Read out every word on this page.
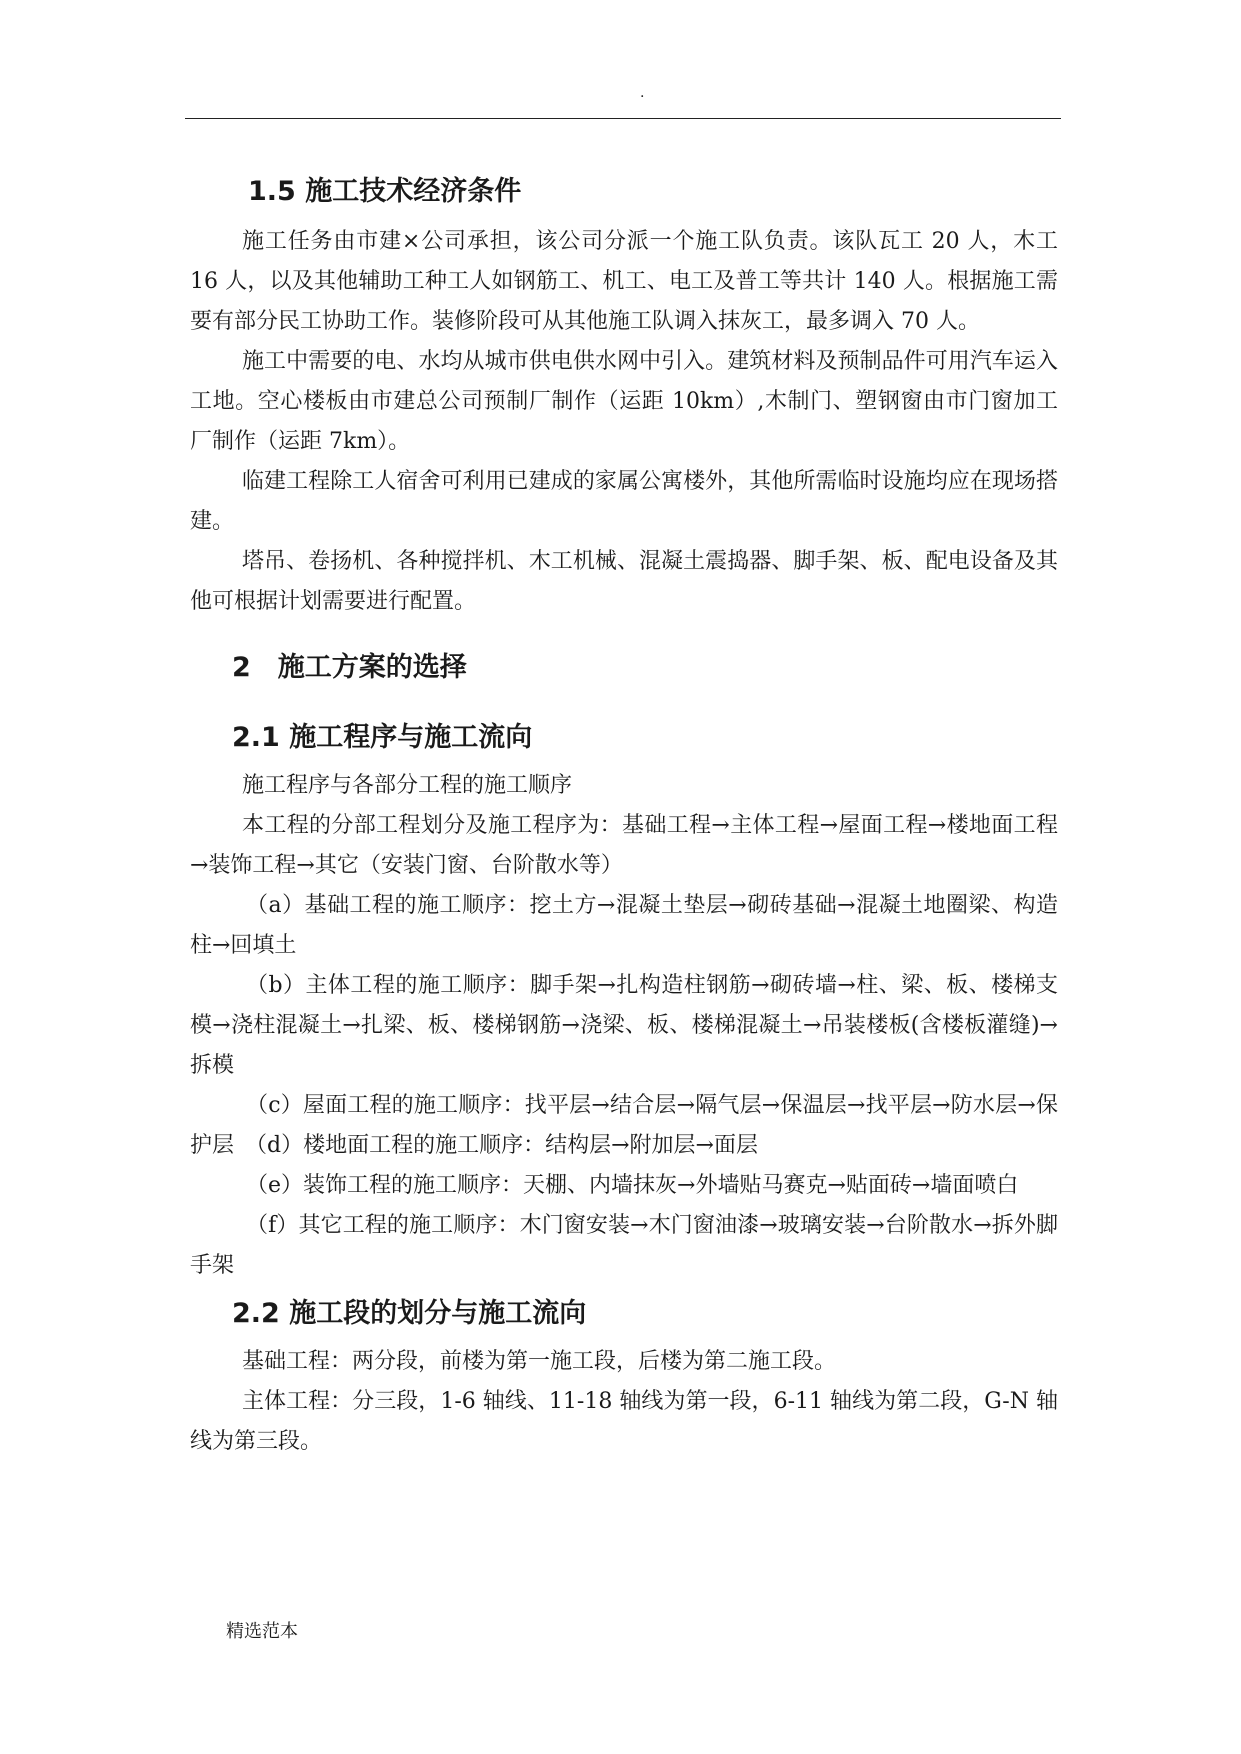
.
1.5 施工技术经济条件

施工任务由市建×公司承担，该公司分派一个施工队负责。该队瓦工 20 人，木工 16 人，以及其他辅助工种工人如钢筋工、机工、电工及普工等共计 140 人。根据施工需要有部分民工协助工作。装修阶段可从其他施工队调入抹灰工，最多调入 70 人。

施工中需要的电、水均从城市供电供水网中引入。建筑材料及预制品件可用汽车运入工地。空心楼板由市建总公司预制厂制作（运距 10km）,木制门、塑钢窗由市门窗加工厂制作（运距 7km）。

临建工程除工人宿舍可利用已建成的家属公寓楼外，其他所需临时设施均应在现场搭建。

塔吊、卷扬机、各种搅拌机、木工机械、混凝土震捣器、脚手架、板、配电设备及其他可根据计划需要进行配置。

2　施工方案的选择
2.1 施工程序与施工流向

施工程序与各部分工程的施工顺序

本工程的分部工程划分及施工程序为：基础工程→主体工程→屋面工程→楼地面工程→装饰工程→其它（安装门窗、台阶散水等）

（a）基础工程的施工顺序：挖土方→混凝土垫层→砌砖基础→混凝土地圈梁、构造柱→回填土

（b）主体工程的施工顺序：脚手架→扎构造柱钢筋→砌砖墙→柱、梁、板、楼梯支模→浇柱混凝土→扎梁、板、楼梯钢筋→浇梁、板、楼梯混凝土→吊装楼板(含楼板灌缝)→拆模

（c）屋面工程的施工顺序：找平层→结合层→隔气层→保温层→找平层→防水层→保护层　（d）楼地面工程的施工顺序：结构层→附加层→面层

（e）装饰工程的施工顺序：天棚、内墙抹灰→外墙贴马赛克→贴面砖→墙面喷白

（f）其它工程的施工顺序：木门窗安装→木门窗油漆→玻璃安装→台阶散水→拆外脚手架

2.2 施工段的划分与施工流向

基础工程：两分段，前楼为第一施工段，后楼为第二施工段。

主体工程：分三段，1-6 轴线、11-18 轴线为第一段，6-11 轴线为第二段，G-N 轴线为第三段。

精选范本
